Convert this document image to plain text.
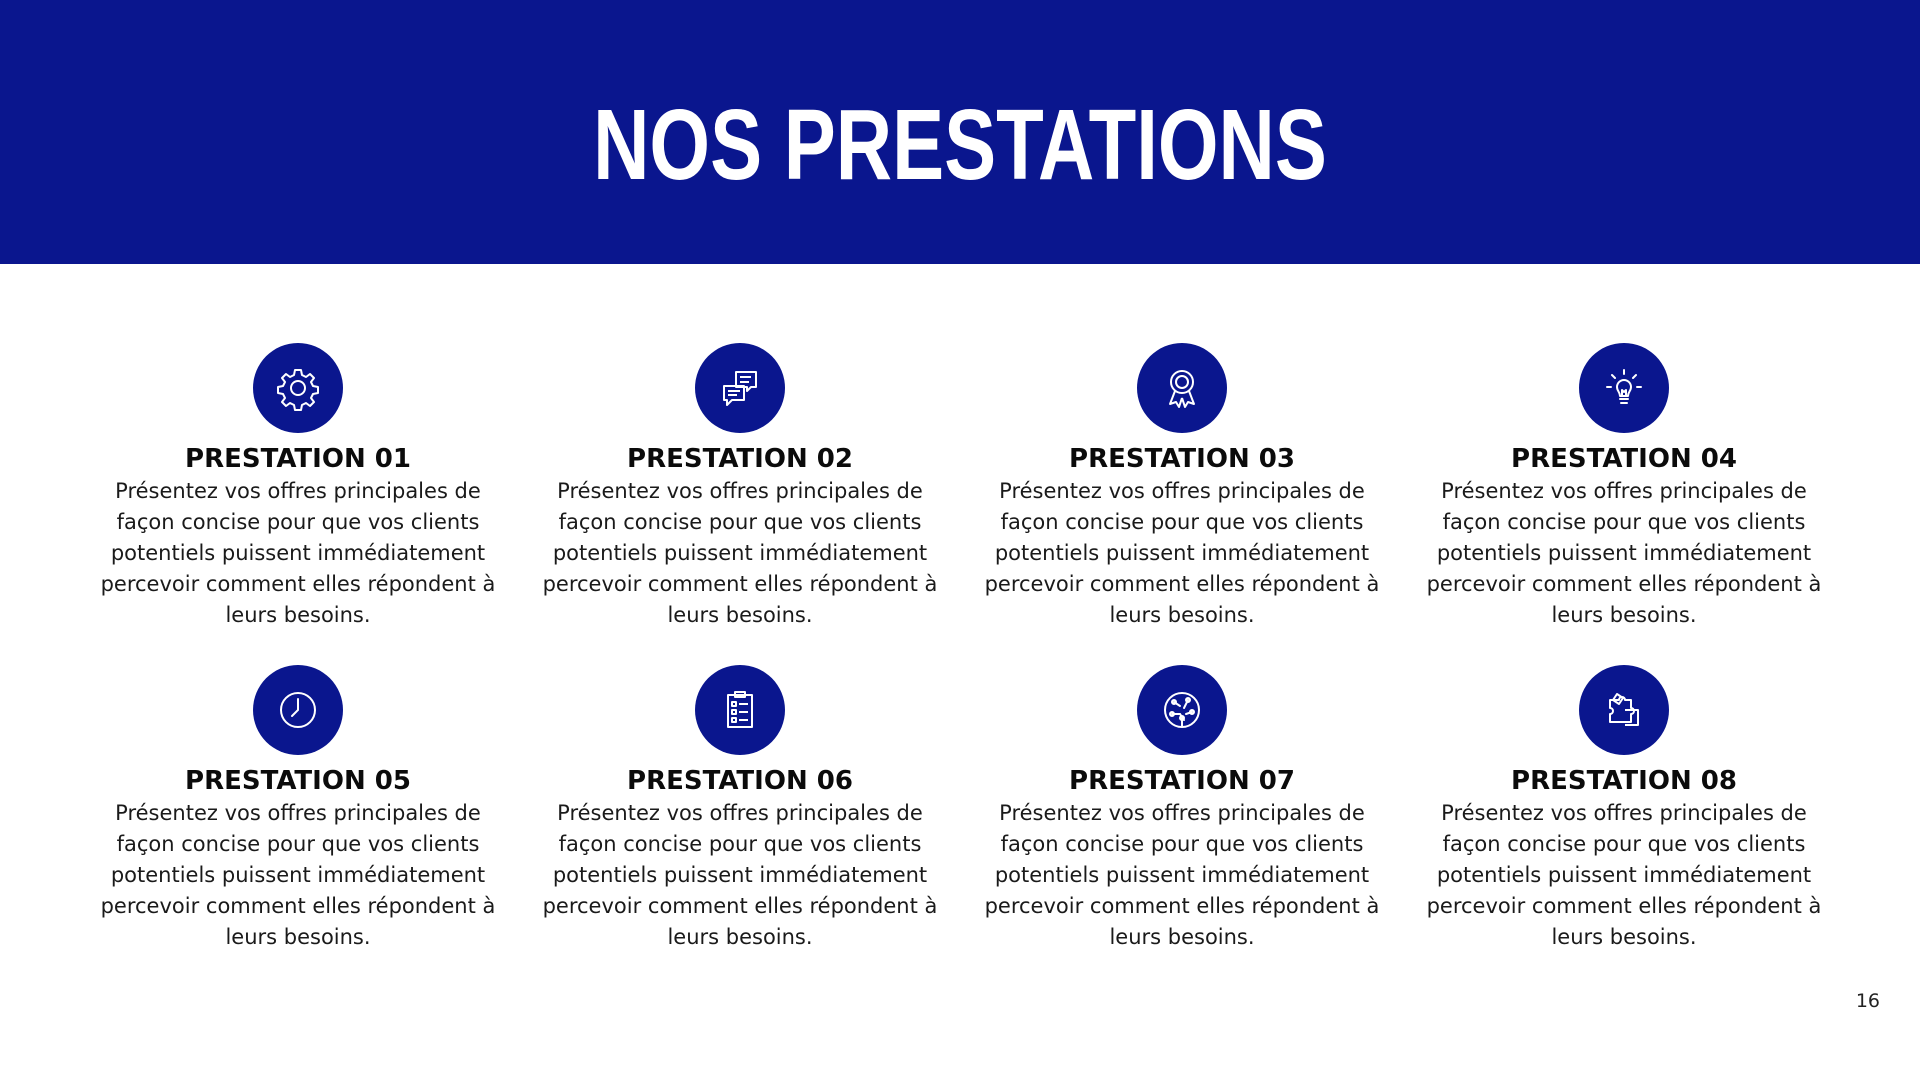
NOS PRESTATIONS
PRESTATION 01
Présentez vos offres principales de façon concise pour que vos clients potentiels puissent immédiatement percevoir comment elles répondent à leurs besoins.
PRESTATION 02
Présentez vos offres principales de façon concise pour que vos clients potentiels puissent immédiatement percevoir comment elles répondent à leurs besoins.
PRESTATION 03
Présentez vos offres principales de façon concise pour que vos clients potentiels puissent immédiatement percevoir comment elles répondent à leurs besoins.
PRESTATION 04
Présentez vos offres principales de façon concise pour que vos clients potentiels puissent immédiatement percevoir comment elles répondent à leurs besoins.
PRESTATION 05
Présentez vos offres principales de façon concise pour que vos clients potentiels puissent immédiatement percevoir comment elles répondent à leurs besoins.
PRESTATION 06
Présentez vos offres principales de façon concise pour que vos clients potentiels puissent immédiatement percevoir comment elles répondent à leurs besoins.
PRESTATION 07
Présentez vos offres principales de façon concise pour que vos clients potentiels puissent immédiatement percevoir comment elles répondent à leurs besoins.
PRESTATION 08
Présentez vos offres principales de façon concise pour que vos clients potentiels puissent immédiatement percevoir comment elles répondent à leurs besoins.
16
